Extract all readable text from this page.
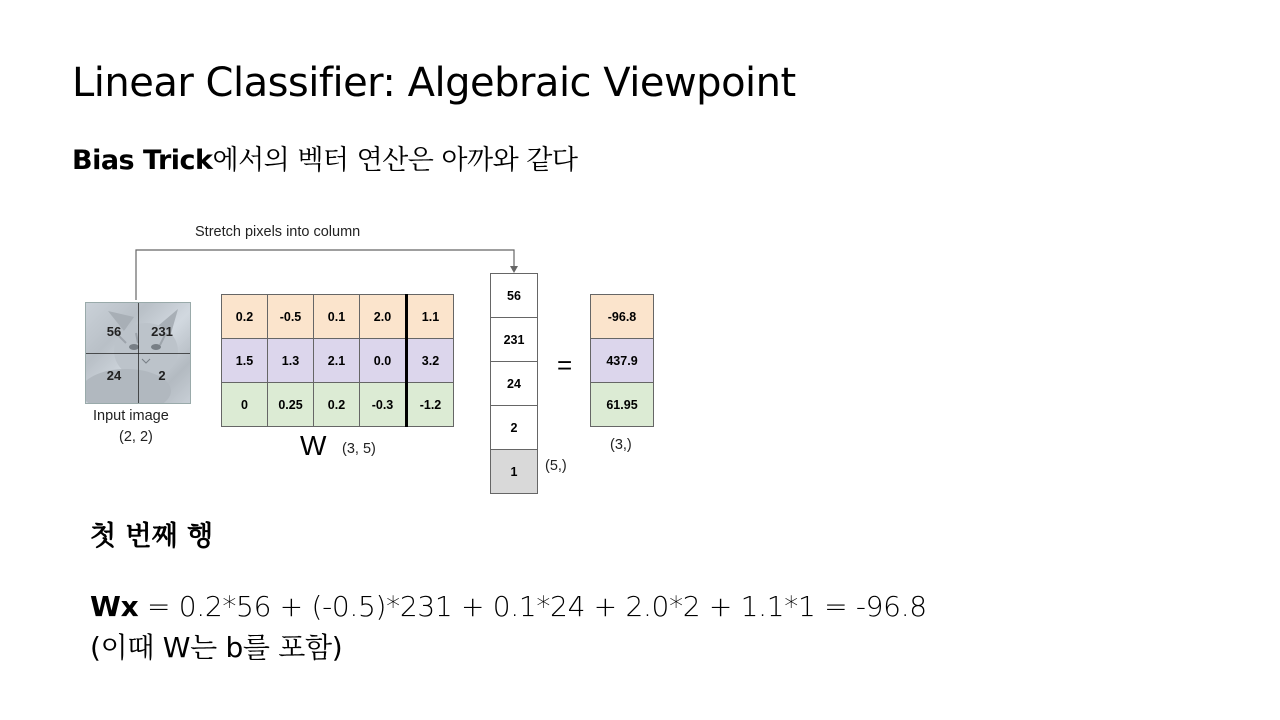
Linear Classifier: Algebraic Viewpoint
Bias Trick에서의 벡터 연산은 아까와 같다
Stretch pixels into column
56	231
24	2
Input image
(2, 2)
0.2	-0.5	0.1	2.0	1.1
1.5	1.3	2.1	0.0	3.2
0	0.25	0.2	-0.3	-1.2
W (3, 5)
56
231
24
2
1 (5,)
=
-96.8
437.9
61.95
(3,)
첫 번째 행
Wx = 0.2*56 + (-0.5)*231 + 0.1*24 + 2.0*2 + 1.1*1 = -96.8
(이때 W는 b를 포함)
